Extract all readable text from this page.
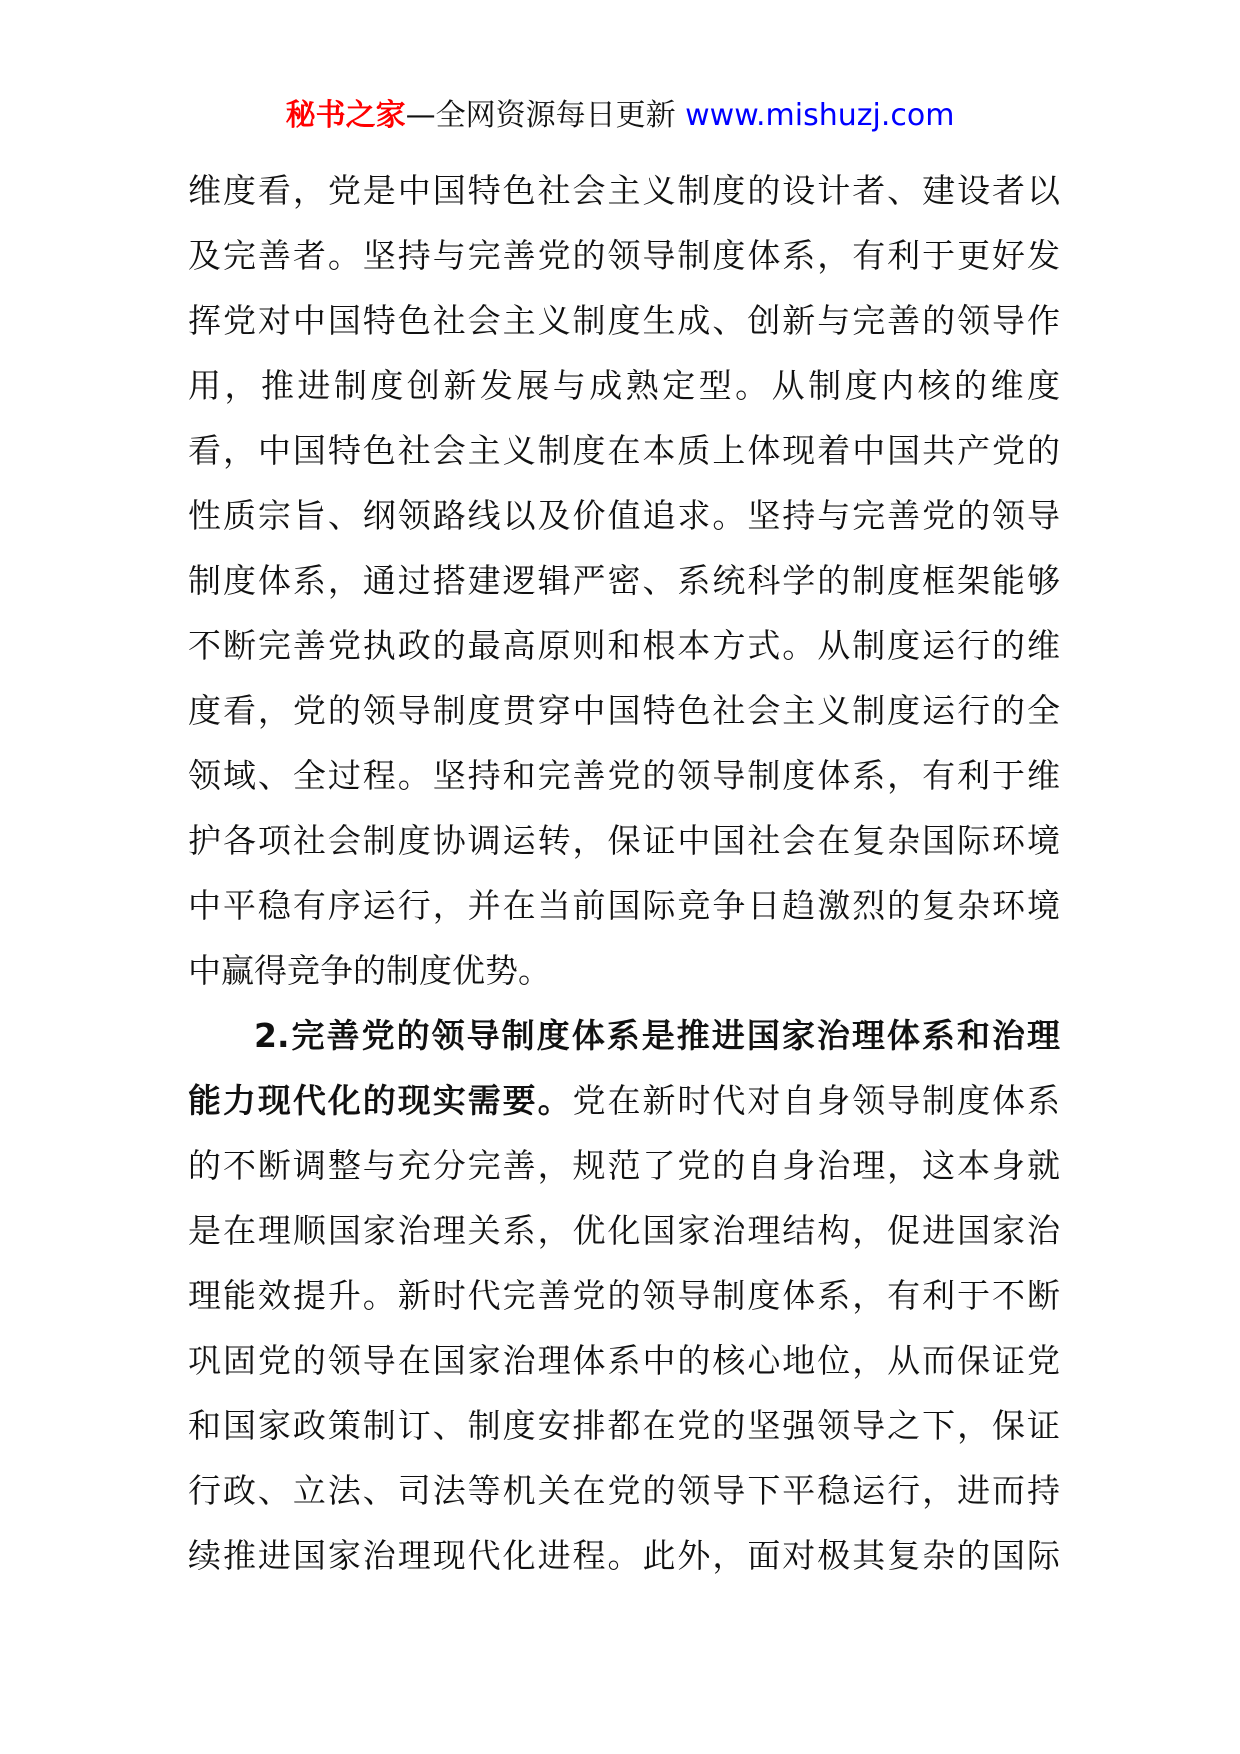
秘书之家—全网资源每日更新 www.mishuzj.com
维度看，党是中国特色社会主义制度的设计者、建设者以
及完善者。坚持与完善党的领导制度体系，有利于更好发
挥党对中国特色社会主义制度生成、创新与完善的领导作
用，推进制度创新发展与成熟定型。从制度内核的维度
看，中国特色社会主义制度在本质上体现着中国共产党的
性质宗旨、纲领路线以及价值追求。坚持与完善党的领导
制度体系，通过搭建逻辑严密、系统科学的制度框架能够
不断完善党执政的最高原则和根本方式。从制度运行的维
度看，党的领导制度贯穿中国特色社会主义制度运行的全
领域、全过程。坚持和完善党的领导制度体系，有利于维
护各项社会制度协调运转，保证中国社会在复杂国际环境
中平稳有序运行，并在当前国际竞争日趋激烈的复杂环境
中赢得竞争的制度优势。
2.完善党的领导制度体系是推进国家治理体系和治理
能力现代化的现实需要。党在新时代对自身领导制度体系
的不断调整与充分完善，规范了党的自身治理，这本身就
是在理顺国家治理关系，优化国家治理结构，促进国家治
理能效提升。新时代完善党的领导制度体系，有利于不断
巩固党的领导在国家治理体系中的核心地位，从而保证党
和国家政策制订、制度安排都在党的坚强领导之下，保证
行政、立法、司法等机关在党的领导下平稳运行，进而持
续推进国家治理现代化进程。此外，面对极其复杂的国际
